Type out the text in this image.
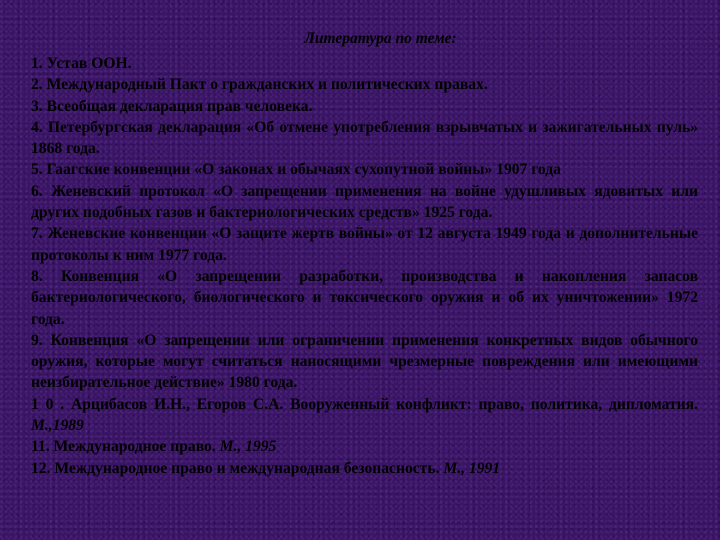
Литература по теме:
1. Устав ООН.
2. Международный Пакт о гражданских и политических правах.
3. Всеобщая декларация прав человека.
4. Петербургская декларация «Об отмене употребления взрывчатых и зажигательных пуль» 1868 года.
5. Гаагские конвенции «О законах и обычаях сухопутной войны» 1907 года
6. Женевский протокол «О запрещении применения на войне удушливых ядовитых или других подобных газов и бактериологических средств» 1925 года.
7. Женевские конвенции «О защите жертв войны» от 12 августа 1949 года и дополнительные протоколы к ним 1977 года.
8. Конвенция «О запрещении разработки, производства и накопления запасов бактериологического, биологического и токсического оружия и об их уничтожении» 1972 года.
9. Конвенция «О запрещении или ограничении применения конкретных видов обычного оружия, которые могут считаться наносящими чрезмерные повреждения или имеющими неизбирательное действие» 1980 года.
1 0 . Арцибасов И.Н., Егоров С.А. Вооруженный конфликт: право, политика, дипломатия. М.,1989
11. Международное право. М., 1995
12. Международное право и международная безопасность. М., 1991
